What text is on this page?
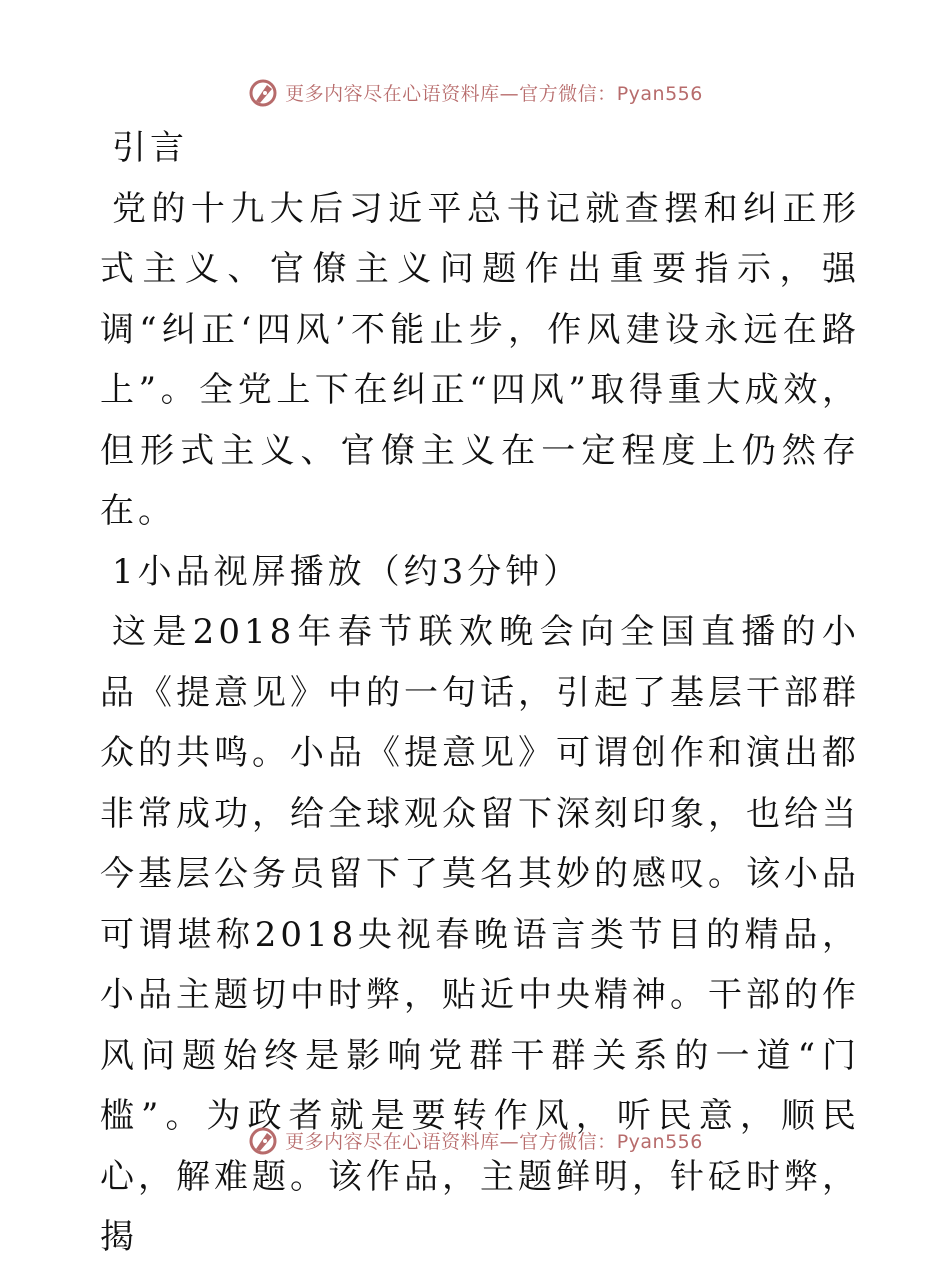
更多内容尽在心语资料库—官方微信：Pyan556

引言

党的十九大后习近平总书记就查摆和纠正形式主义、官僚主义问题作出重要指示，强调“纠正‘四风’不能止步，作风建设永远在路上”。全党上下在纠正“四风”取得重大成效，但形式主义、官僚主义在一定程度上仍然存在。

1小品视屏播放（约3分钟）

这是2018年春节联欢晚会向全国直播的小品《提意见》中的一句话，引起了基层干部群众的共鸣。小品《提意见》可谓创作和演出都非常成功，给全球观众留下深刻印象，也给当今基层公务员留下了莫名其妙的感叹。该小品可谓堪称2018央视春晚语言类节目的精品，小品主题切中时弊，贴近中央精神。干部的作风问题始终是影响党群干群关系的一道“门槛”。为政者就是要转作风，听民意，顺民心，解难题。该作品，主题鲜明，针砭时弊，揭

更多内容尽在心语资料库—官方微信：Pyan556
